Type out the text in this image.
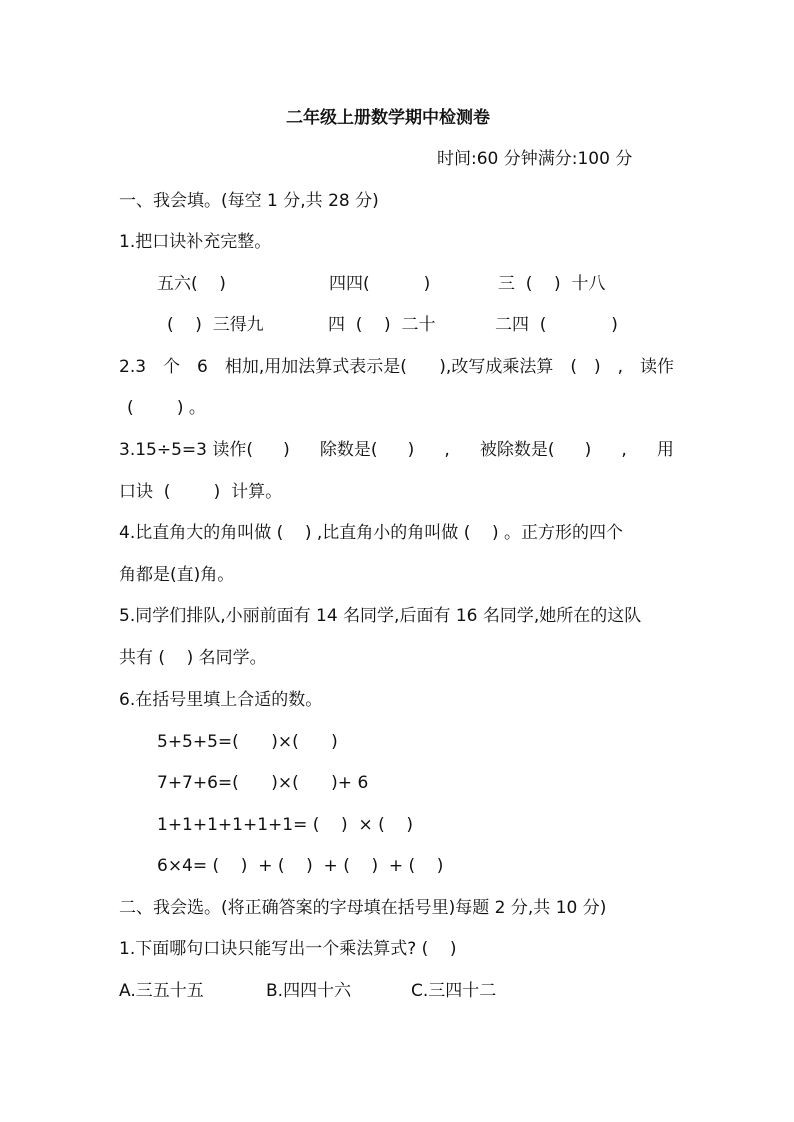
二年级上册数学期中检测卷
时间:60 分钟满分:100 分
一、我会填。(每空 1 分,共 28 分)
1.把口诀补充完整。
五六(    )	四四(          )	三  (    )  十八
(    )  三得九	四  (    )  二十	二四  (            )
2.3 个 6 相加,用加法算式表示是(      ),改写成乘法算 ( ) , 读作
(        ) 。
3.15÷5=3 读作( ) 除数是( ) , 被除数是( ) , 用
口诀  (        )  计算。
4.比直角大的角叫做 (    ) ,比直角小的角叫做 (    ) 。正方形的四个
角都是(直)角。
5.同学们排队,小丽前面有 14 名同学,后面有 16 名同学,她所在的这队
共有 (    ) 名同学。
6.在括号里填上合适的数。
5+5+5=(      )×(      )
7+7+6=(      )×(      )+ 6
1+1+1+1+1+1= (    )  × (    )
6×4= (    )  + (    )  + (    )  + (    )
二、我会选。(将正确答案的字母填在括号里)每题 2 分,共 10 分)
1.下面哪句口诀只能写出一个乘法算式? (    )
A.三五十五	B.四四十六	C.三四十二
